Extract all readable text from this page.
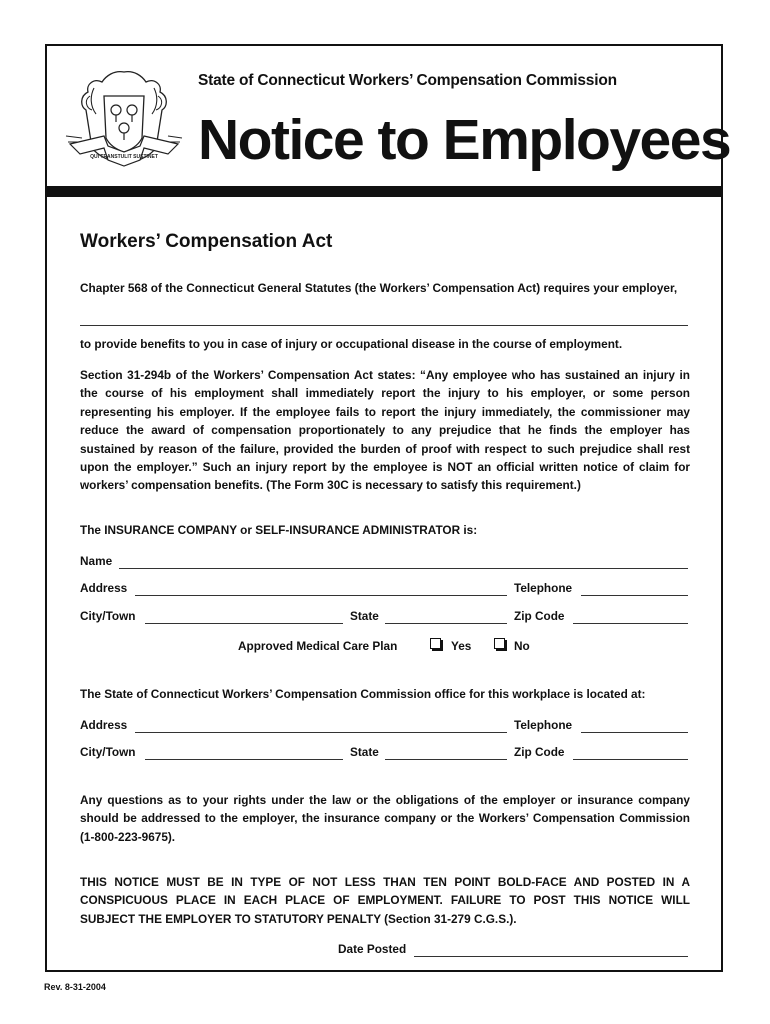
QUI TRANSTULIT SUSTINET
State of Connecticut Workers’ Compensation Commission
Notice to Employees
Workers’ Compensation Act
Chapter 568 of the Connecticut General Statutes (the Workers’ Compensation Act) requires your employer,
to provide benefits to you in case of injury or occupational disease in the course of employment.
Section 31-294b of the Workers’ Compensation Act states: “Any employee who has sustained an injury in the course of his employment shall immediately report the injury to his employer, or some person representing his employer. If the employee fails to report the injury immediately, the commissioner may reduce the award of compensation proportionately to any prejudice that he finds the employer has sustained by reason of the failure, provided the burden of proof with respect to such prejudice shall rest upon the employer.” Such an injury report by the employee is NOT an official written notice of claim for workers’ compensation benefits. (The Form 30C is necessary to satisfy this requirement.)
The INSURANCE COMPANY or SELF-INSURANCE ADMINISTRATOR is:
Name
Address	Telephone
City/Town	State	Zip Code
Approved Medical Care Plan	Yes	No
The State of Connecticut Workers’ Compensation Commission office for this workplace is located at:
Address	Telephone
City/Town	State	Zip Code
Any questions as to your rights under the law or the obligations of the employer or insurance company should be addressed to the employer, the insurance company or the Workers’ Compensation Commission (1-800-223-9675).
THIS NOTICE MUST BE IN TYPE OF NOT LESS THAN TEN POINT BOLD-FACE AND POSTED IN A CONSPICUOUS PLACE IN EACH PLACE OF EMPLOYMENT. FAILURE TO POST THIS NOTICE WILL SUBJECT THE EMPLOYER TO STATUTORY PENALTY (Section 31-279 C.G.S.).
Date Posted
Rev. 8-31-2004
